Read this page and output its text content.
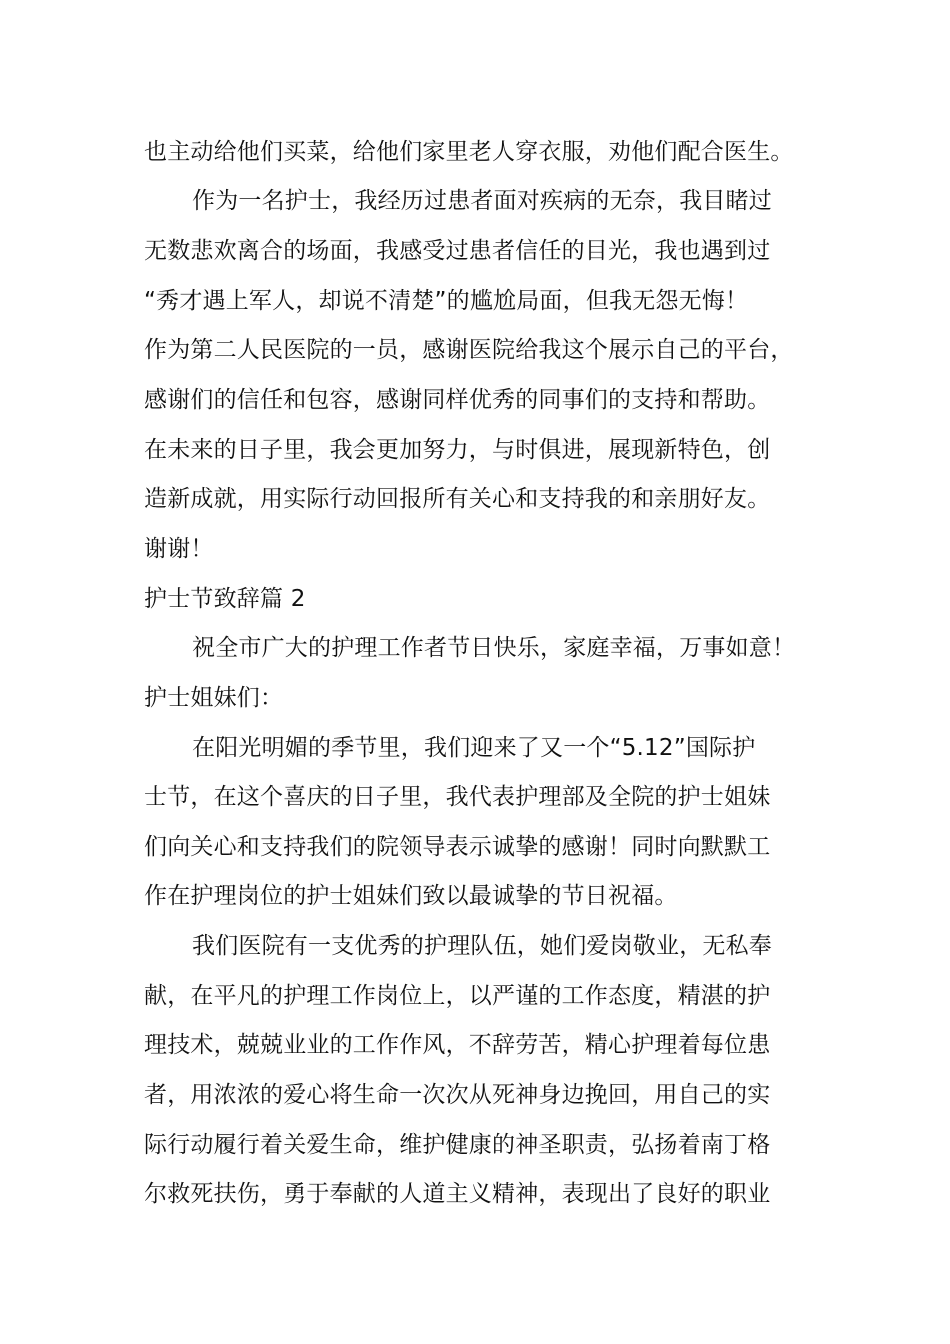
也主动给他们买菜，给他们家里老人穿衣服，劝他们配合医生。
作为一名护士，我经历过患者面对疾病的无奈，我目睹过
无数悲欢离合的场面，我感受过患者信任的目光，我也遇到过
“秀才遇上军人，却说不清楚”的尴尬局面，但我无怨无悔！
作为第二人民医院的一员，感谢医院给我这个展示自己的平台，
感谢们的信任和包容，感谢同样优秀的同事们的支持和帮助。
在未来的日子里，我会更加努力，与时俱进，展现新特色，创
造新成就，用实际行动回报所有关心和支持我的和亲朋好友。
谢谢！
护士节致辞篇 2
祝全市广大的护理工作者节日快乐，家庭幸福，万事如意！
护士姐妹们：
在阳光明媚的季节里，我们迎来了又一个“5.12”国际护
士节，在这个喜庆的日子里，我代表护理部及全院的护士姐妹
们向关心和支持我们的院领导表示诚挚的感谢！同时向默默工
作在护理岗位的护士姐妹们致以最诚挚的节日祝福。
我们医院有一支优秀的护理队伍，她们爱岗敬业，无私奉
献，在平凡的护理工作岗位上，以严谨的工作态度，精湛的护
理技术，兢兢业业的工作作风，不辞劳苦，精心护理着每位患
者，用浓浓的爱心将生命一次次从死神身边挽回，用自己的实
际行动履行着关爱生命，维护健康的神圣职责，弘扬着南丁格
尔救死扶伤，勇于奉献的人道主义精神，表现出了良好的职业
